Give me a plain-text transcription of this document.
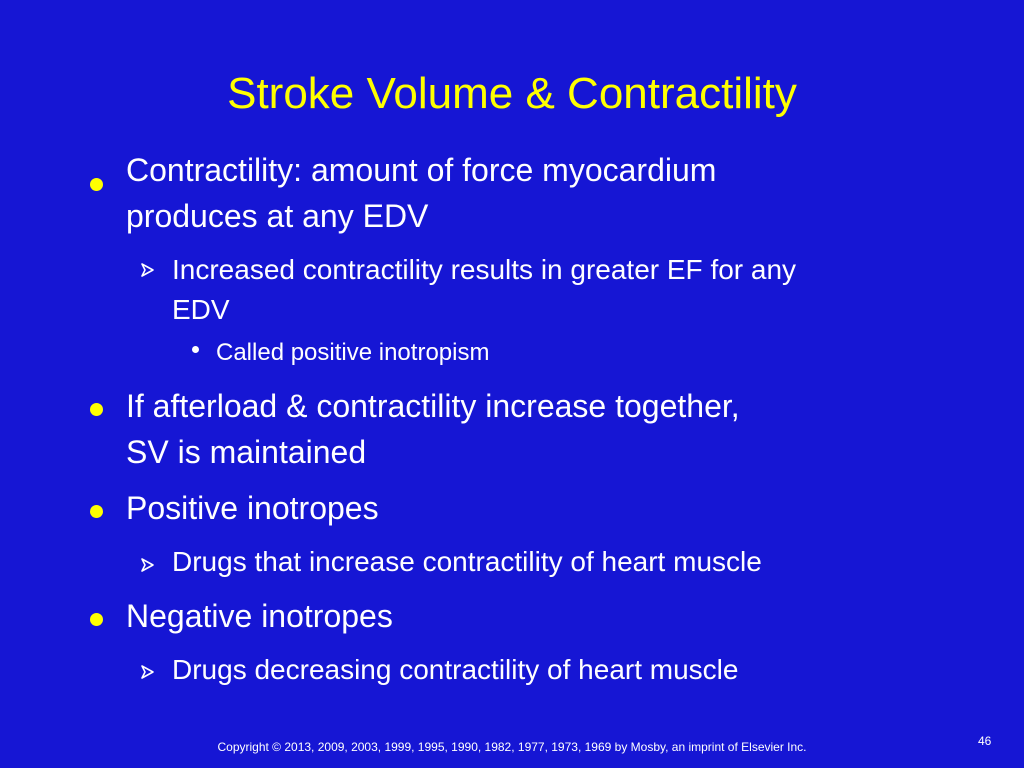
Stroke Volume & Contractility
Contractility: amount of force myocardium
produces at any EDV
Increased contractility results in greater EF for any
EDV
Called positive inotropism
If afterload & contractility increase together,
SV is maintained
Positive inotropes
Drugs that increase contractility of heart muscle
Negative inotropes
Drugs decreasing contractility of heart muscle
Copyright © 2013, 2009, 2003, 1999, 1995, 1990, 1982, 1977, 1973, 1969 by Mosby, an imprint of Elsevier Inc.	46
